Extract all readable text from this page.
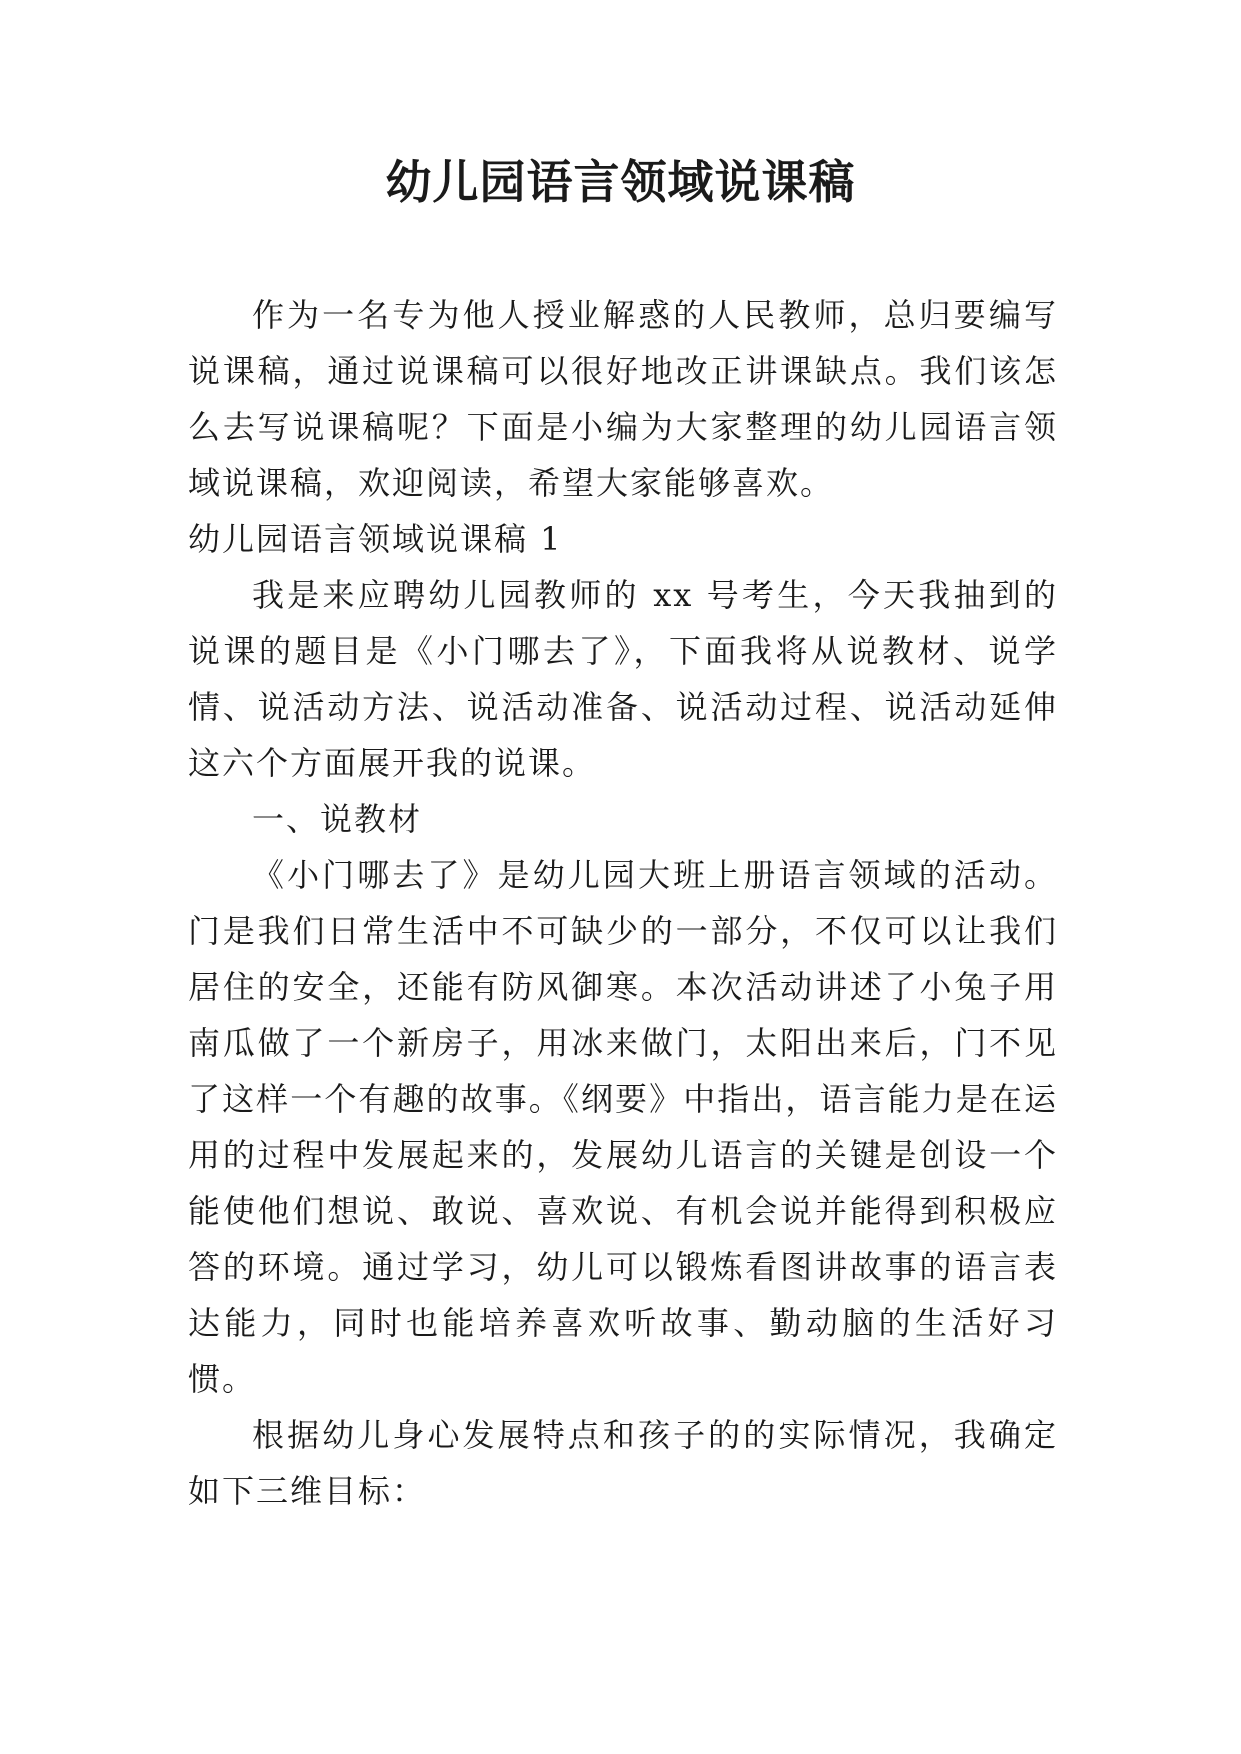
幼儿园语言领域说课稿

作为一名专为他人授业解惑的人民教师，总归要编写说课稿，通过说课稿可以很好地改正讲课缺点。我们该怎么去写说课稿呢？下面是小编为大家整理的幼儿园语言领域说课稿，欢迎阅读，希望大家能够喜欢。

幼儿园语言领域说课稿 1

我是来应聘幼儿园教师的 xx 号考生，今天我抽到的说课的题目是《小门哪去了》，下面我将从说教材、说学情、说活动方法、说活动准备、说活动过程、说活动延伸这六个方面展开我的说课。

一、说教材

《小门哪去了》是幼儿园大班上册语言领域的活动。门是我们日常生活中不可缺少的一部分，不仅可以让我们居住的安全，还能有防风御寒。本次活动讲述了小兔子用南瓜做了一个新房子，用冰来做门，太阳出来后，门不见了这样一个有趣的故事。《纲要》中指出，语言能力是在运用的过程中发展起来的，发展幼儿语言的关键是创设一个能使他们想说、敢说、喜欢说、有机会说并能得到积极应答的环境。通过学习，幼儿可以锻炼看图讲故事的语言表达能力，同时也能培养喜欢听故事、勤动脑的生活好习惯。

根据幼儿身心发展特点和孩子的的实际情况，我确定如下三维目标：
